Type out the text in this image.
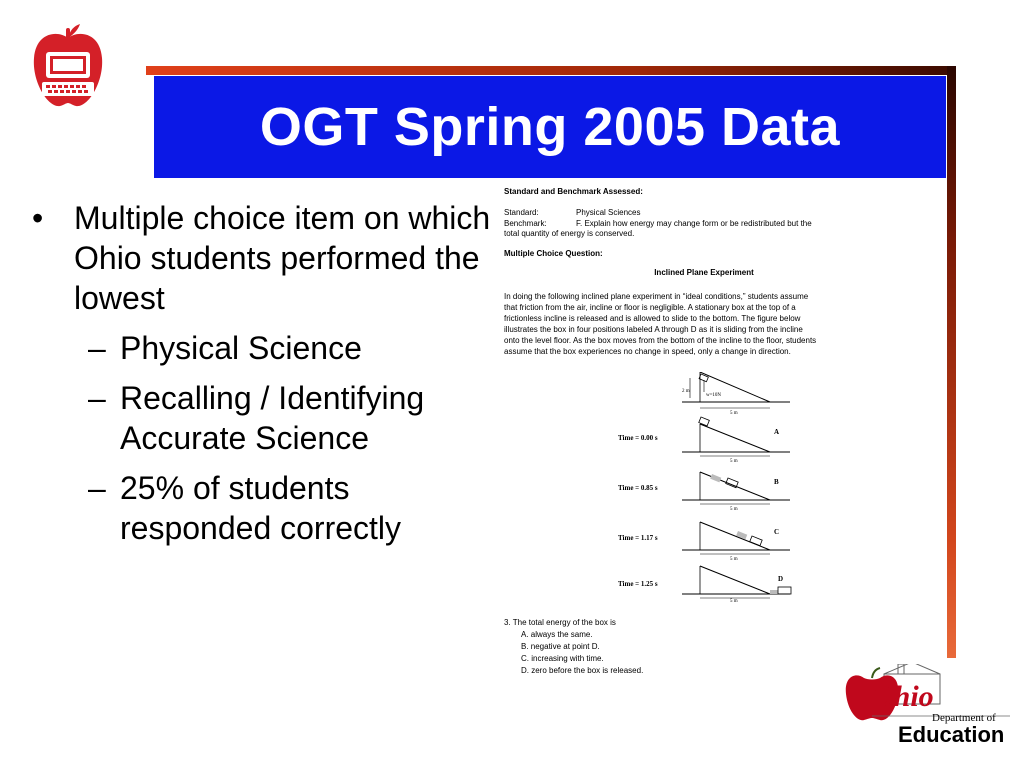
OGT Spring 2005 Data
• Multiple choice item on which Ohio students performed the lowest
– Physical Science
– Recalling / Identifying Accurate Science
– 25% of students responded correctly
Standard and Benchmark Assessed:
Standard:	Physical Sciences
Benchmark:	F. Explain how energy may change form or be redistributed but the
total quantity of energy is conserved.
Multiple Choice Question:
Inclined Plane Experiment
In doing the following inclined plane experiment in “ideal conditions,” students assume
that friction from the air, incline or floor is negligible. A stationary box at the top of a
frictionless incline is released and is allowed to slide to the bottom. The figure below
illustrates the box in four positions labeled A through D as it is sliding from the incline
onto the level floor. As the box moves from the bottom of the incline to the floor, students
assume that the box experiences no change in speed, only a change in direction.
2 m
w=10N
5 m
Time = 0.00 s
5 m
A
Time = 0.85 s
5 m
B
Time = 1.17 s
5 m
C
Time = 1.25 s
5 m
D
3. The total energy of the box is
A. always the same.
B. negative at point D.
C. increasing with time.
D. zero before the box is released.
Ohio
Department of
Education
